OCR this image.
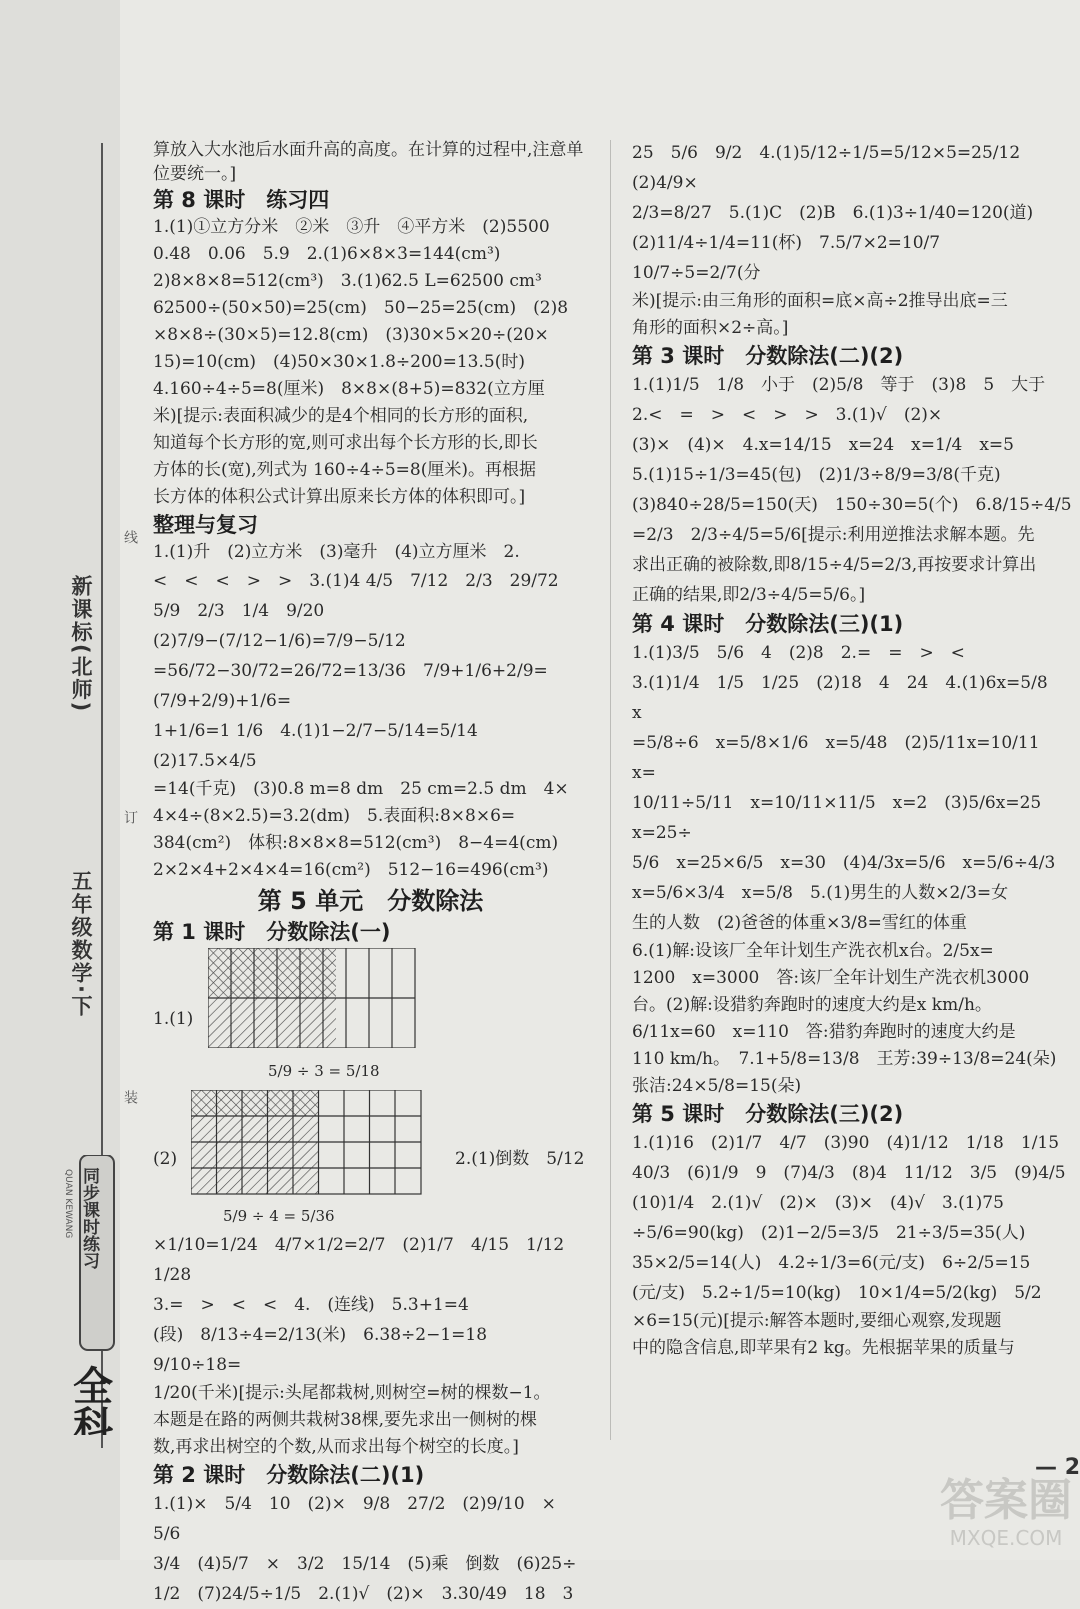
新课标(北师)
五年级数学·下
QUAN KEWANG 同步课时练习
全科王
线
订
装

算放入大水池后水面升高的高度。在计算的过程中,注意单位要统一。]

第 8 课时　练习四

1.(1)①立方分米　②米　③升　④平方米　(2)5500

0.48　0.06　5.9　2.(1)6×8×3=144(cm³)

2)8×8×8=512(cm³)　3.(1)62.5 L=62500 cm³

62500÷(50×50)=25(cm)　50−25=25(cm)　(2)8

×8×8÷(30×5)=12.8(cm)　(3)30×5×20÷(20×

15)=10(cm)　(4)50×30×1.8÷200=13.5(时)

4.160÷4÷5=8(厘米)　8×8×(8+5)=832(立方厘

米)[提示:表面积减少的是4个相同的长方形的面积,

知道每个长方形的宽,则可求出每个长方形的长,即长

方体的长(宽),列式为 160÷4÷5=8(厘米)。再根据

长方体的体积公式计算出原来长方体的体积即可。]

整理与复习

1.(1)升　(2)立方米　(3)毫升　(4)立方厘米　2.

<　<　<　>　>　3.(1)4 4/5　7/12　2/3　29/72

5/9　2/3　1/4　9/20　(2)7/9−(7/12−1/6)=7/9−5/12

=56/72−30/72=26/72=13/36　7/9+1/6+2/9=(7/9+2/9)+1/6=

1+1/6=1 1/6　4.(1)1−2/7−5/14=5/14　(2)17.5×4/5

=14(千克)　(3)0.8 m=8 dm　25 cm=2.5 dm　4×

4×4÷(8×2.5)=3.2(dm)　5.表面积:8×8×6=

384(cm²)　体积:8×8×8=512(cm³)　8−4=4(cm)

2×2×4+2×4×4=16(cm²)　512−16=496(cm³)

第 5 单元　分数除法

第 1 课时　分数除法(一)

1.(1)
5/9 ÷ 3 = 5/18
(2)	2.(1)倒数　5/12
5/9 ÷ 4 = 5/36

×1/10=1/24　4/7×1/2=2/7　(2)1/7　4/15　1/12　1/28

3.=　>　<　<　4.　(连线)　5.3+1=4

(段)　8/13÷4=2/13(米)　6.38÷2−1=18　9/10÷18=

1/20(千米)[提示:头尾都栽树,则树空=树的棵数−1。

本题是在路的两侧共栽树38棵,要先求出一侧树的棵

数,再求出树空的个数,从而求出每个树空的长度。]

第 2 课时　分数除法(二)(1)

1.(1)×　5/4　10　(2)×　9/8　27/2　(2)9/10　×　5/6

3/4　(4)5/7　×　3/2　15/14　(5)乘　倒数　(6)25÷

1/2　(7)24/5÷1/5　2.(1)√　(2)×　3.30/49　18　3

25　5/6　9/2　4.(1)5/12÷1/5=5/12×5=25/12　(2)4/9×

2/3=8/27　5.(1)C　(2)B　6.(1)3÷1/40=120(道)

(2)11/4÷1/4=11(杯)　7.5/7×2=10/7　10/7÷5=2/7(分

米)[提示:由三角形的面积=底×高÷2推导出底=三

角形的面积×2÷高。]

第 3 课时　分数除法(二)(2)

1.(1)1/5　1/8　小于　(2)5/8　等于　(3)8　5　大于

2.<　=　>　<　>　>　3.(1)√　(2)×

(3)×　(4)×　4.x=14/15　x=24　x=1/4　x=5

5.(1)15÷1/3=45(包)　(2)1/3÷8/9=3/8(千克)

(3)840÷28/5=150(天)　150÷30=5(个)　6.8/15÷4/5

=2/3　2/3÷4/5=5/6[提示:利用逆推法求解本题。先

求出正确的被除数,即8/15÷4/5=2/3,再按要求计算出

正确的结果,即2/3÷4/5=5/6。]

第 4 课时　分数除法(三)(1)

1.(1)3/5　5/6　4　(2)8　2.=　=　>　<

3.(1)1/4　1/5　1/25　(2)18　4　24　4.(1)6x=5/8　x

=5/8÷6　x=5/8×1/6　x=5/48　(2)5/11x=10/11　x=

10/11÷5/11　x=10/11×11/5　x=2　(3)5/6x=25　x=25÷

5/6　x=25×6/5　x=30　(4)4/3x=5/6　x=5/6÷4/3

x=5/6×3/4　x=5/8　5.(1)男生的人数×2/3=女

生的人数　(2)爸爸的体重×3/8=雪红的体重

6.(1)解:设该厂全年计划生产洗衣机x台。2/5x=

1200　x=3000　答:该厂全年计划生产洗衣机3000

台。(2)解:设猎豹奔跑时的速度大约是x km/h。

6/11x=60　x=110　答:猎豹奔跑时的速度大约是

110 km/h。　7.1+5/8=13/8　王芳:39÷13/8=24(朵)

张洁:24×5/8=15(朵)

第 5 课时　分数除法(三)(2)

1.(1)16　(2)1/7　4/7　(3)90　(4)1/12　1/18　1/15

40/3　(6)1/9　9　(7)4/3　(8)4　11/12　3/5　(9)4/5

(10)1/4　2.(1)√　(2)×　(3)×　(4)√　3.(1)75

÷5/6=90(kg)　(2)1−2/5=3/5　21÷3/5=35(人)

35×2/5=14(人)　4.2÷1/3=6(元/支)　6÷2/5=15

(元/支)　5.2÷1/5=10(kg)　10×1/4=5/2(kg)　5/2

×6=15(元)[提示:解答本题时,要细心观察,发现题

中的隐含信息,即苹果有2 kg。先根据苹果的质量与

— 2
答案圈
MXQE.COM
